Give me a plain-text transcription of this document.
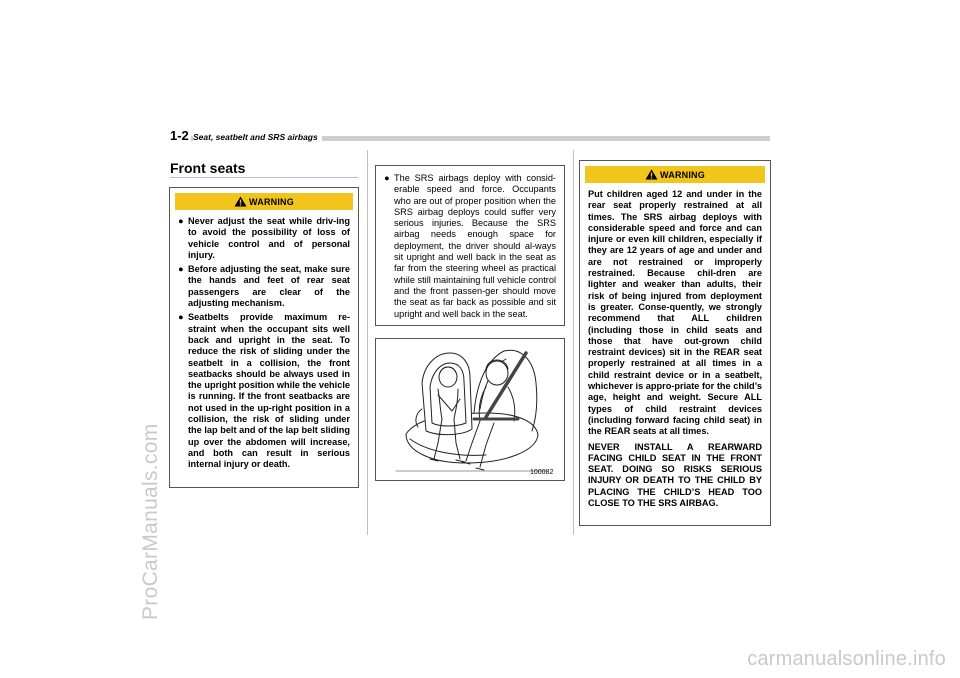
ProCarManuals.com
carmanualsonline.info
1-2 Seat, seatbelt and SRS airbags
Front seats
WARNING
● Never adjust the seat while driv-ing to avoid the possibility of loss of vehicle control and of personal injury.
● Before adjusting the seat, make sure the hands and feet of rear seat passengers are clear of the adjusting mechanism.
● Seatbelts provide maximum re-straint when the occupant sits well back and upright in the seat. To reduce the risk of sliding under the seatbelt in a collision, the front seatbacks should be always used in the upright position while the vehicle is running. If the front seatbacks are not used in the up-right position in a collision, the risk of sliding under the lap belt and of the lap belt sliding up over the abdomen will increase, and both can result in serious internal injury or death.
● The SRS airbags deploy with consid-erable speed and force. Occupants who are out of proper position when the SRS airbag deploys could suffer very serious injuries. Because the SRS airbag needs enough space for deployment, the driver should al-ways sit upright and well back in the seat as far from the steering wheel as practical while still maintaining full vehicle control and the front passen-ger should move the seat as far back as possible and sit upright and well back in the seat.
100082
WARNING

Put children aged 12 and under in the rear seat properly restrained at all times. The SRS airbag deploys with considerable speed and force and can injure or even kill children, especially if they are 12 years of age and under and are not restrained or improperly restrained. Because chil-dren are lighter and weaker than adults, their risk of being injured from deployment is greater. Conse-quently, we strongly recommend that ALL children (including those in child seats and those that have out-grown child restraint devices) sit in the REAR seat properly restrained at all times in a child restraint device or in a seatbelt, whichever is appro-priate for the child’s age, height and weight. Secure ALL types of child restraint devices (including forward facing child seat) in the REAR seats at all times.

NEVER INSTALL A REARWARD FACING CHILD SEAT IN THE FRONT SEAT. DOING SO RISKS SERIOUS INJURY OR DEATH TO THE CHILD BY PLACING THE CHILD’S HEAD TOO CLOSE TO THE SRS AIRBAG.
